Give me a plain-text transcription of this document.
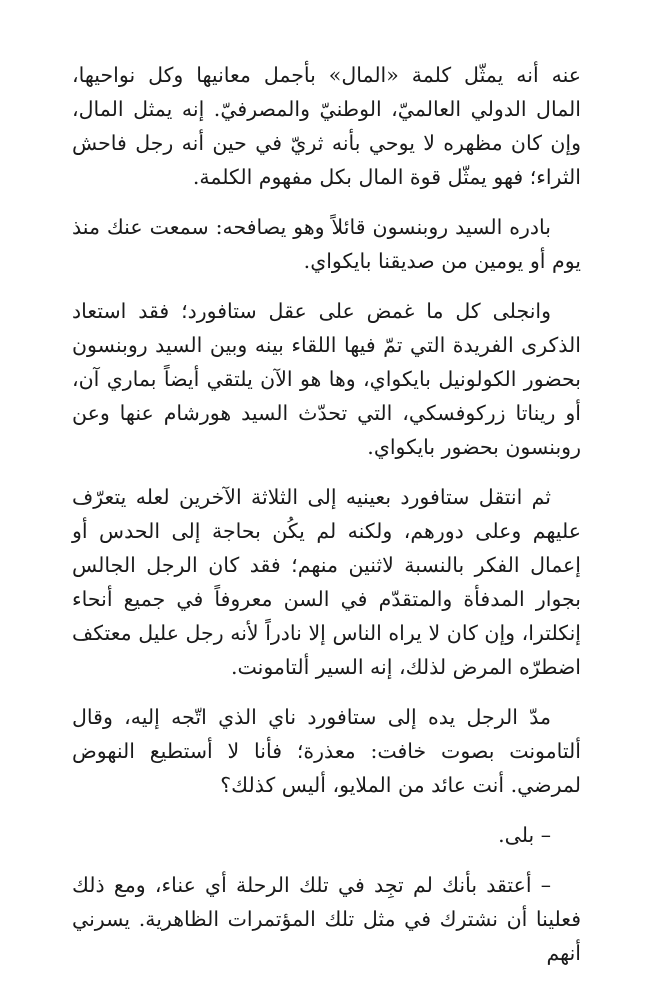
عنه أنه يمثّل كلمة «المال» بأجمل معانيها وكل نواحيها، المال الدولي العالميّ، الوطنيّ والمصرفيّ. إنه يمثل المال، وإن كان مظهره لا يوحي بأنه ثريّ في حين أنه رجل فاحش الثراء؛ فهو يمثّل قوة المال بكل مفهوم الكلمة.

بادره السيد روبنسون قائلاً وهو يصافحه: سمعت عنك منذ يوم أو يومين من صديقنا بايكواي.

وانجلى كل ما غمض على عقل ستافورد؛ فقد استعاد الذكرى الفريدة التي تمّ فيها اللقاء بينه وبين السيد روبنسون بحضور الكولونيل بايكواي، وها هو الآن يلتقي أيضاً بماري آن، أو ريناتا زركوفسكي، التي تحدّث السيد هورشام عنها وعن روبنسون بحضور بايكواي.

ثم انتقل ستافورد بعينيه إلى الثلاثة الآخرين لعله يتعرّف عليهم وعلى دورهم، ولكنه لم يكُن بحاجة إلى الحدس أو إعمال الفكر بالنسبة لاثنين منهم؛ فقد كان الرجل الجالس بجوار المدفأة والمتقدّم في السن معروفاً في جميع أنحاء إنكلترا، وإن كان لا يراه الناس إلا نادراً لأنه رجل عليل معتكف اضطرّه المرض لذلك، إنه السير ألتامونت.

مدّ الرجل يده إلى ستافورد ناي الذي اتّجه إليه، وقال ألتامونت بصوت خافت: معذرة؛ فأنا لا أستطيع النهوض لمرضي. أنت عائد من الملايو، أليس كذلك؟

– بلى.

– أعتقد بأنك لم تجِد في تلك الرحلة أي عناء، ومع ذلك فعلينا أن نشترك في مثل تلك المؤتمرات الظاهرية. يسرني أنهم
